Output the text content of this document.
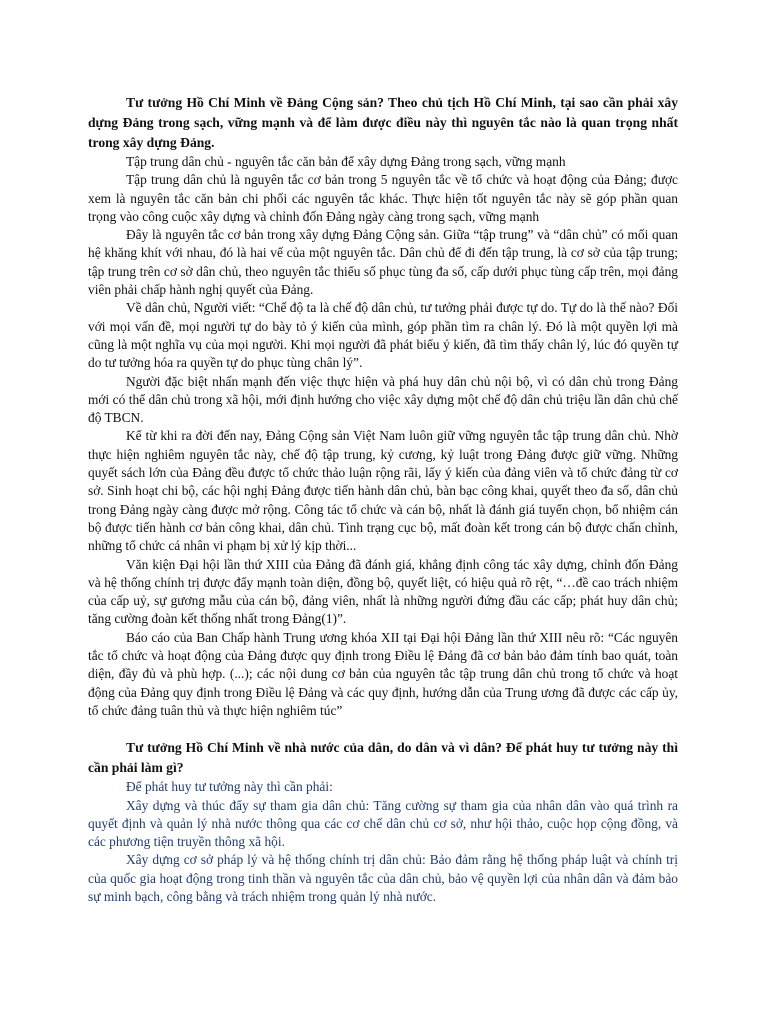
Tư tưởng Hồ Chí Minh về Đảng Cộng sản? Theo chủ tịch Hồ Chí Minh, tại sao cần phải xây dựng Đảng trong sạch, vững mạnh và để làm được điều này thì nguyên tắc nào là quan trọng nhất trong xây dựng Đảng.

Tập trung dân chủ - nguyên tắc căn bản để xây dựng Đảng trong sạch, vững mạnh

Tập trung dân chủ là nguyên tắc cơ bản trong 5 nguyên tắc về tổ chức và hoạt động của Đảng; được xem là nguyên tắc căn bản chi phối các nguyên tắc khác. Thực hiện tốt nguyên tắc này sẽ góp phần quan trọng vào công cuộc xây dựng và chỉnh đốn Đảng ngày càng trong sạch, vững mạnh

Đây là nguyên tắc cơ bản trong xây dựng Đảng Cộng sản. Giữa “tập trung” và “dân chủ” có mối quan hệ khăng khít với nhau, đó là hai vế của một nguyên tắc. Dân chủ để đi đến tập trung, là cơ sở của tập trung; tập trung trên cơ sở dân chủ, theo nguyên tắc thiểu số phục tùng đa số, cấp dưới phục tùng cấp trên, mọi đảng viên phải chấp hành nghị quyết của Đảng.

Về dân chủ, Người viết: “Chế độ ta là chế độ dân chủ, tư tưởng phải được tự do. Tự do là thế nào? Đối với mọi vấn đề, mọi người tự do bày tỏ ý kiến của mình, góp phần tìm ra chân lý. Đó là một quyền lợi mà cũng là một nghĩa vụ của mọi người. Khi mọi người đã phát biểu ý kiến, đã tìm thấy chân lý, lúc đó quyền tự do tư tưởng hóa ra quyền tự do phục tùng chân lý”.

Người đặc biệt nhấn mạnh đến việc thực hiện và phá huy dân chủ nội bộ, vì có dân chủ trong Đảng mới có thể dân chủ trong xã hội, mới định hướng cho việc xây dựng một chế độ dân chủ triệu lần dân chủ chế độ TBCN.

Kể từ khi ra đời đến nay, Đảng Cộng sản Việt Nam luôn giữ vững nguyên tắc tập trung dân chủ. Nhờ thực hiện nghiêm nguyên tắc này, chế độ tập trung, kỷ cương, kỷ luật trong Đảng được giữ vững. Những quyết sách lớn của Đảng đều được tổ chức thảo luận rộng rãi, lấy ý kiến của đảng viên và tổ chức đảng từ cơ sở. Sinh hoạt chi bộ, các hội nghị Đảng được tiến hành dân chủ, bàn bạc công khai, quyết theo đa số, dân chủ trong Đảng ngày càng được mở rộng. Công tác tổ chức và cán bộ, nhất là đánh giá tuyển chọn, bổ nhiệm cán bộ được tiến hành cơ bản công khai, dân chủ. Tình trạng cục bộ, mất đoàn kết trong cán bộ được chấn chỉnh, những tổ chức cá nhân vi phạm bị xử lý kịp thời...

Văn kiện Đại hội lần thứ XIII của Đảng đã đánh giá, khẳng định công tác xây dựng, chỉnh đốn Đảng và hệ thống chính trị được đẩy mạnh toàn diện, đồng bộ, quyết liệt, có hiệu quả rõ rệt, “…đề cao trách nhiệm của cấp uỷ, sự gương mẫu của cán bộ, đảng viên, nhất là những người đứng đầu các cấp; phát huy dân chủ; tăng cường đoàn kết thống nhất trong Đảng(1)”.

Báo cáo của Ban Chấp hành Trung ương khóa XII tại Đại hội Đảng lần thứ XIII nêu rõ: “Các nguyên tắc tổ chức và hoạt động của Đảng được quy định trong Điều lệ Đảng đã cơ bản bảo đảm tính bao quát, toàn diện, đầy đủ và phù hợp. (...); các nội dung cơ bản của nguyên tắc tập trung dân chủ trong tổ chức và hoạt động của Đảng quy định trong Điều lệ Đảng và các quy định, hướng dẫn của Trung ương đã được các cấp ủy, tổ chức đảng tuân thủ và thực hiện nghiêm túc”

Tư tưởng Hồ Chí Minh về nhà nước của dân, do dân và vì dân? Để phát huy tư tưởng này thì cần phải làm gì?

Để phát huy tư tưởng này thì cần phải:

Xây dựng và thúc đẩy sự tham gia dân chủ: Tăng cường sự tham gia của nhân dân vào quá trình ra quyết định và quản lý nhà nước thông qua các cơ chế dân chủ cơ sở, như hội thảo, cuộc họp cộng đồng, và các phương tiện truyền thông xã hội.

Xây dựng cơ sở pháp lý và hệ thống chính trị dân chủ: Bảo đảm rằng hệ thống pháp luật và chính trị của quốc gia hoạt động trong tinh thần và nguyên tắc của dân chủ, bảo vệ quyền lợi của nhân dân và đảm bảo sự minh bạch, công bằng và trách nhiệm trong quản lý nhà nước.
